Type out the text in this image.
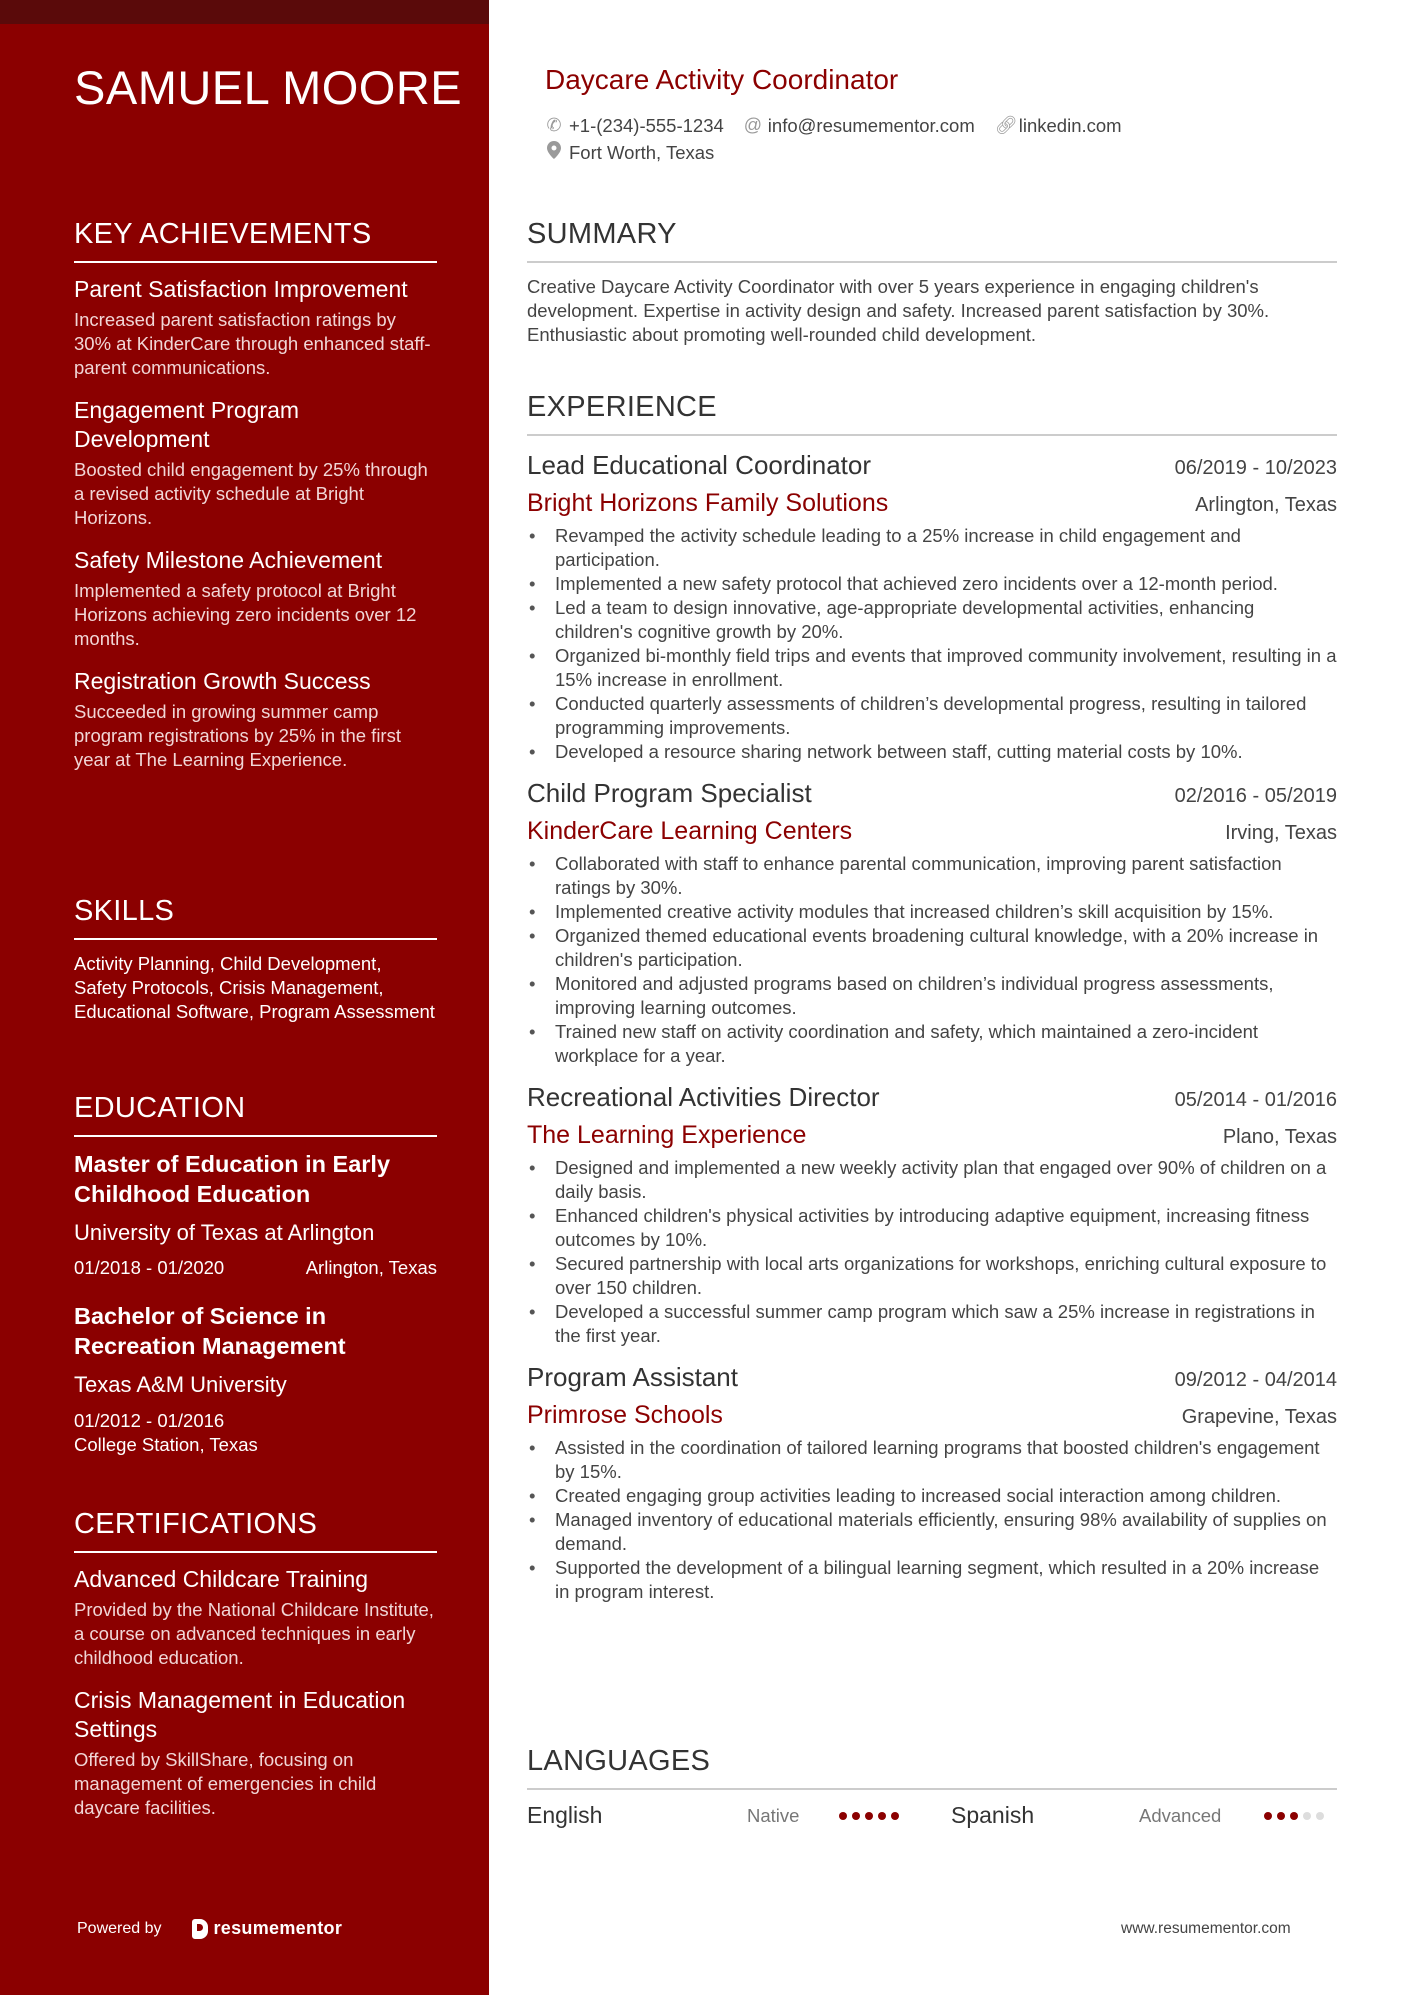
SAMUEL MOORE
KEY ACHIEVEMENTS
Parent Satisfaction Improvement
Increased parent satisfaction ratings by 30% at KinderCare through enhanced staff-parent communications.
Engagement Program Development
Boosted child engagement by 25% through a revised activity schedule at Bright Horizons.
Safety Milestone Achievement
Implemented a safety protocol at Bright Horizons achieving zero incidents over 12 months.
Registration Growth Success
Succeeded in growing summer camp program registrations by 25% in the first year at The Learning Experience.
SKILLS
Activity Planning, Child Development, Safety Protocols, Crisis Management, Educational Software, Program Assessment
EDUCATION
Master of Education in Early Childhood Education
University of Texas at Arlington
01/2018 - 01/2020	Arlington, Texas
Bachelor of Science in Recreation Management
Texas A&M University
01/2012 - 01/2016
College Station, Texas
CERTIFICATIONS
Advanced Childcare Training
Provided by the National Childcare Institute, a course on advanced techniques in early childhood education.
Crisis Management in Education Settings
Offered by SkillShare, focusing on management of emergencies in child daycare facilities.
Powered by	resumementor
Daycare Activity Coordinator
✆ +1-(234)-555-1234 @ info@resumementor.com 🔗︎ linkedin.com
Fort Worth, Texas
SUMMARY
Creative Daycare Activity Coordinator with over 5 years experience in engaging children's development. Expertise in activity design and safety. Increased parent satisfaction by 30%. Enthusiastic about promoting well-rounded child development.
EXPERIENCE
Lead Educational Coordinator	06/2019 - 10/2023
Bright Horizons Family Solutions	Arlington, Texas
• Revamped the activity schedule leading to a 25% increase in child engagement and participation.
• Implemented a new safety protocol that achieved zero incidents over a 12-month period.
• Led a team to design innovative, age-appropriate developmental activities, enhancing children's cognitive growth by 20%.
• Organized bi-monthly field trips and events that improved community involvement, resulting in a 15% increase in enrollment.
• Conducted quarterly assessments of children’s developmental progress, resulting in tailored programming improvements.
• Developed a resource sharing network between staff, cutting material costs by 10%.
Child Program Specialist	02/2016 - 05/2019
KinderCare Learning Centers	Irving, Texas
• Collaborated with staff to enhance parental communication, improving parent satisfaction ratings by 30%.
• Implemented creative activity modules that increased children’s skill acquisition by 15%.
• Organized themed educational events broadening cultural knowledge, with a 20% increase in children's participation.
• Monitored and adjusted programs based on children’s individual progress assessments, improving learning outcomes.
• Trained new staff on activity coordination and safety, which maintained a zero-incident workplace for a year.
Recreational Activities Director	05/2014 - 01/2016
The Learning Experience	Plano, Texas
• Designed and implemented a new weekly activity plan that engaged over 90% of children on a daily basis.
• Enhanced children's physical activities by introducing adaptive equipment, increasing fitness outcomes by 10%.
• Secured partnership with local arts organizations for workshops, enriching cultural exposure to over 150 children.
• Developed a successful summer camp program which saw a 25% increase in registrations in the first year.
Program Assistant	09/2012 - 04/2014
Primrose Schools	Grapevine, Texas
• Assisted in the coordination of tailored learning programs that boosted children's engagement by 15%.
• Created engaging group activities leading to increased social interaction among children.
• Managed inventory of educational materials efficiently, ensuring 98% availability of supplies on demand.
• Supported the development of a bilingual learning segment, which resulted in a 20% increase in program interest.
LANGUAGES
English	Native	Spanish	Advanced
www.resumementor.com
